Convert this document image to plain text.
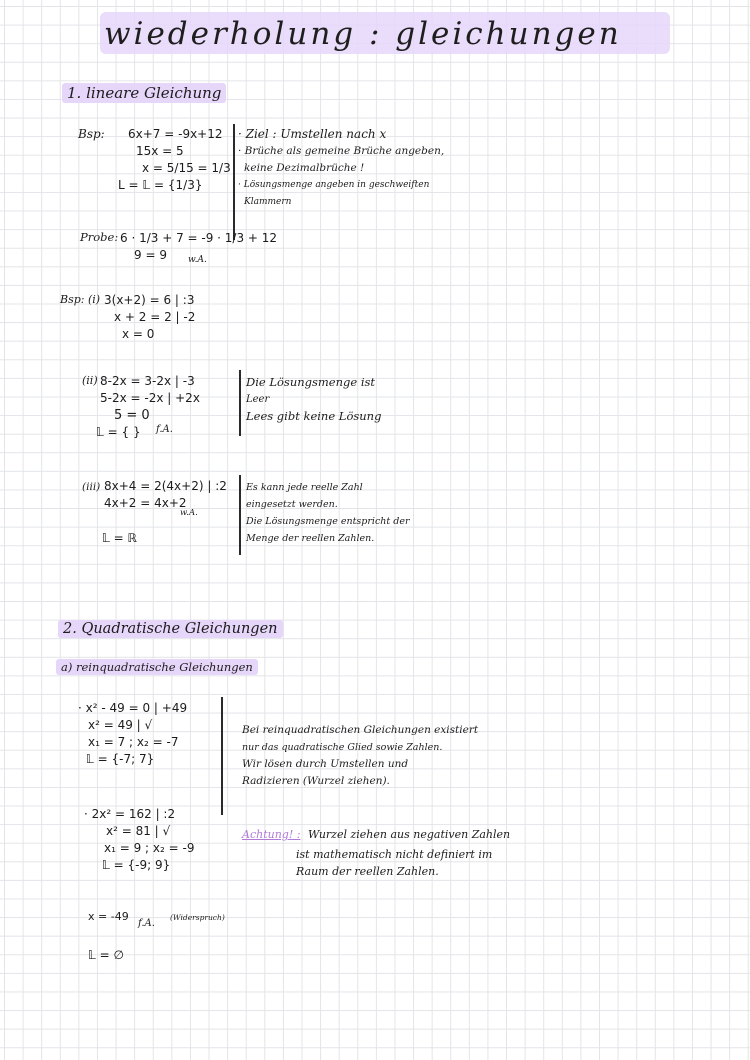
wiederholung : gleichungen
1. lineare Gleichung
Bsp: 6x+7 = -9x+12
15x = 5
x = 5/15 = 1/3
L = 𝕃 = {1/3}
· Ziel : Umstellen nach x
· Brüche als gemeine Brüche angeben,
keine Dezimalbrüche !
· Lösungsmenge angeben in geschweiften
Klammern
Probe: 6 · 1/3 + 7 = -9 · 1/3 + 12
9 = 9	w.A.
Bsp: (i) 3(x+2) = 6 | :3
x + 2 = 2 | -2
x = 0
(ii) 8-2x = 3-2x | -3
5-2x = -2x | +2x
5 = 0
𝕃 = { }	f.A.
Die Lösungsmenge ist
Leer
Lees gibt keine Lösung
(iii) 8x+4 = 2(4x+2) | :2
4x+2 = 4x+2
𝕃 = ℝ
w.A.
Es kann jede reelle Zahl
eingesetzt werden.
Die Lösungsmenge entspricht der
Menge der reellen Zahlen.
2. Quadratische Gleichungen
a) reinquadratische Gleichungen
· x² - 49 = 0 | +49
x² = 49 | √
x₁ = 7 ; x₂ = -7
𝕃 = {-7; 7}
· 2x² = 162 | :2
x² = 81 | √
x₁ = 9 ; x₂ = -9
𝕃 = {-9; 9}
x = -49
f.A.
(Widerspruch)
𝕃 = ∅
Bei reinquadratischen Gleichungen existiert
nur das quadratische Glied sowie Zahlen.
Wir lösen durch Umstellen und
Radizieren (Wurzel ziehen).
Achtung! : Wurzel ziehen aus negativen Zahlen
ist mathematisch nicht definiert im
Raum der reellen Zahlen.
